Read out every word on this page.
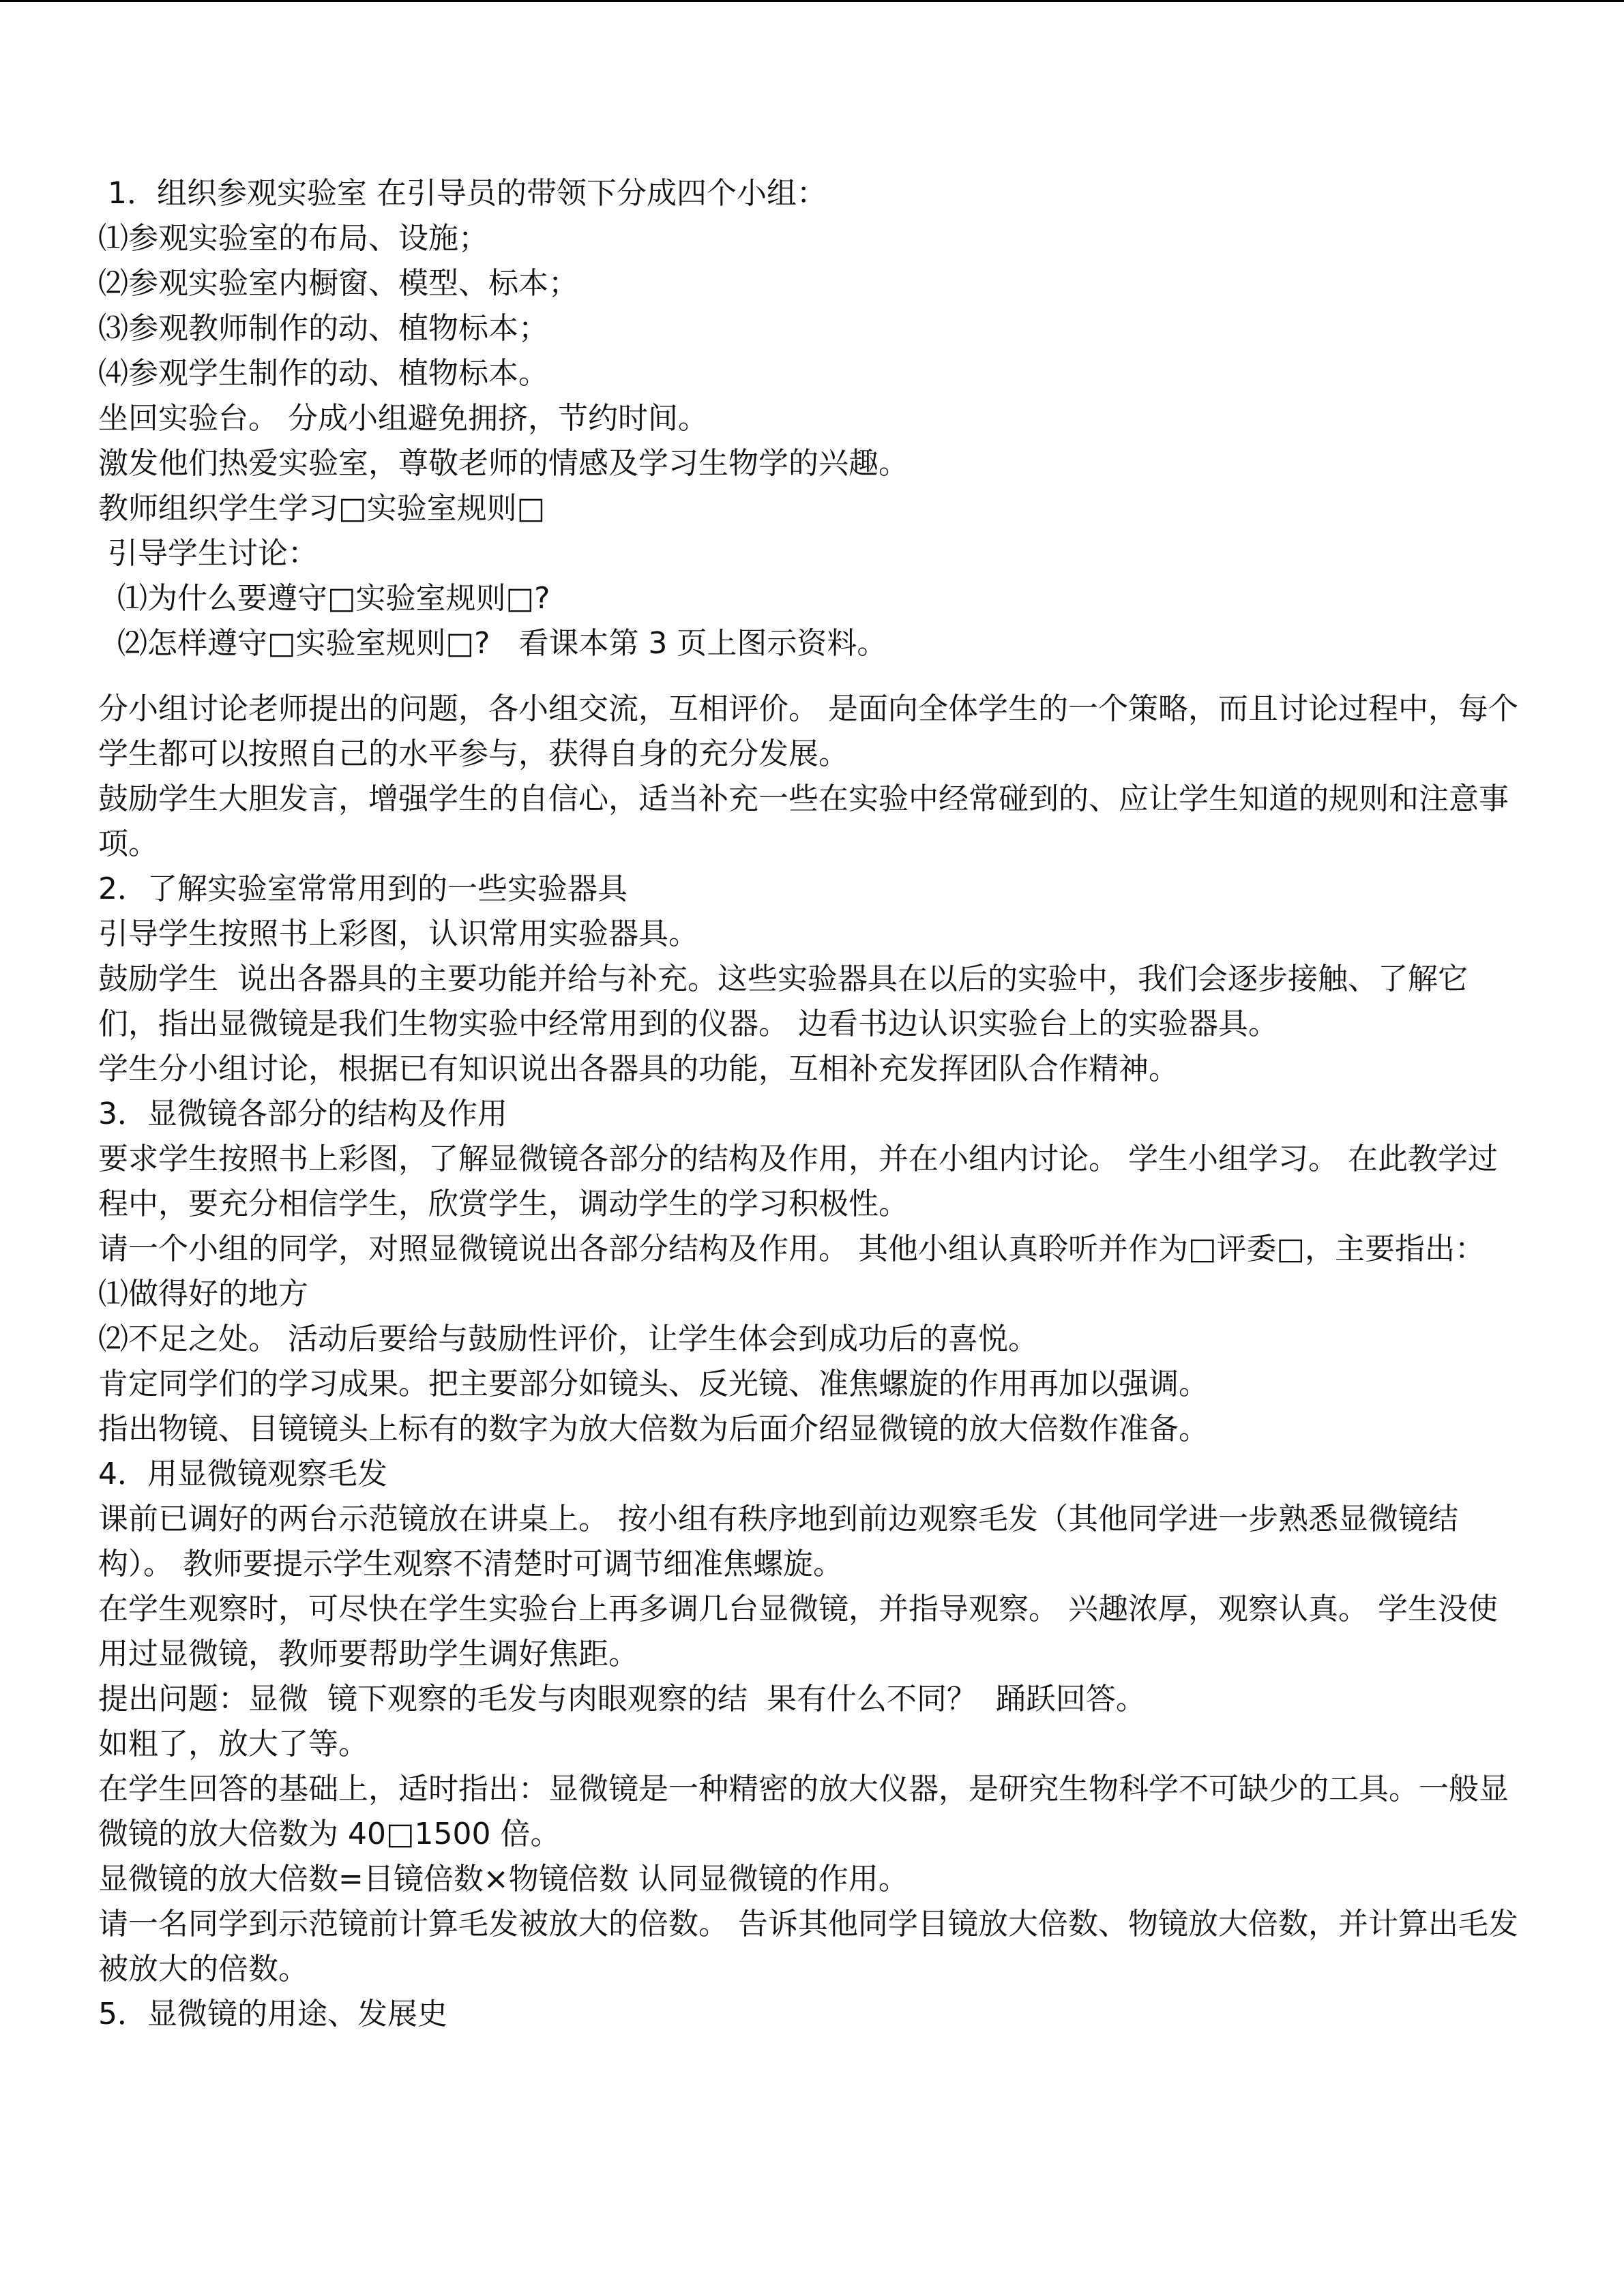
1．组织参观实验室 在引导员的带领下分成四个小组：

⑴参观实验室的布局、设施；

⑵参观实验室内橱窗、模型、标本；

⑶参观教师制作的动、植物标本；

⑷参观学生制作的动、植物标本。

坐回实验台。 分成小组避免拥挤，节约时间。

激发他们热爱实验室，尊敬老师的情感及学习生物学的兴趣。

教师组织学生学习□实验室规则□

引导学生讨论：

⑴为什么要遵守□实验室规则□?

⑵怎样遵守□实验室规则□?   看课本第 3 页上图示资料。

分小组讨论老师提出的问题，各小组交流，互相评价。 是面向全体学生的一个策略，而且讨论过程中，每个学生都可以按照自己的水平参与，获得自身的充分发展。

鼓励学生大胆发言，增强学生的自信心，适当补充一些在实验中经常碰到的、应让学生知道的规则和注意事项。

2．了解实验室常常用到的一些实验器具

引导学生按照书上彩图，认识常用实验器具。

鼓励学生  说出各器具的主要功能并给与补充。这些实验器具在以后的实验中，我们会逐步接触、了解它们，指出显微镜是我们生物实验中经常用到的仪器。 边看书边认识实验台上的实验器具。

学生分小组讨论，根据已有知识说出各器具的功能，互相补充发挥团队合作精神。

3．显微镜各部分的结构及作用

要求学生按照书上彩图，了解显微镜各部分的结构及作用，并在小组内讨论。 学生小组学习。 在此教学过程中，要充分相信学生，欣赏学生，调动学生的学习积极性。

请一个小组的同学，对照显微镜说出各部分结构及作用。 其他小组认真聆听并作为□评委□，主要指出：

⑴做得好的地方

⑵不足之处。 活动后要给与鼓励性评价，让学生体会到成功后的喜悦。

肯定同学们的学习成果。把主要部分如镜头、反光镜、准焦螺旋的作用再加以强调。

指出物镜、目镜镜头上标有的数字为放大倍数为后面介绍显微镜的放大倍数作准备。

4．用显微镜观察毛发

课前已调好的两台示范镜放在讲桌上。 按小组有秩序地到前边观察毛发（其他同学进一步熟悉显微镜结构）。 教师要提示学生观察不清楚时可调节细准焦螺旋。

在学生观察时，可尽快在学生实验台上再多调几台显微镜，并指导观察。 兴趣浓厚，观察认真。 学生没使用过显微镜，教师要帮助学生调好焦距。

提出问题：显微  镜下观察的毛发与肉眼观察的结  果有什么不同？  踊跃回答。

如粗了，放大了等。

在学生回答的基础上，适时指出：显微镜是一种精密的放大仪器，是研究生物科学不可缺少的工具。一般显微镜的放大倍数为 40□1500 倍。

显微镜的放大倍数=目镜倍数×物镜倍数 认同显微镜的作用。

请一名同学到示范镜前计算毛发被放大的倍数。 告诉其他同学目镜放大倍数、物镜放大倍数，并计算出毛发被放大的倍数。

5．显微镜的用途、发展史
